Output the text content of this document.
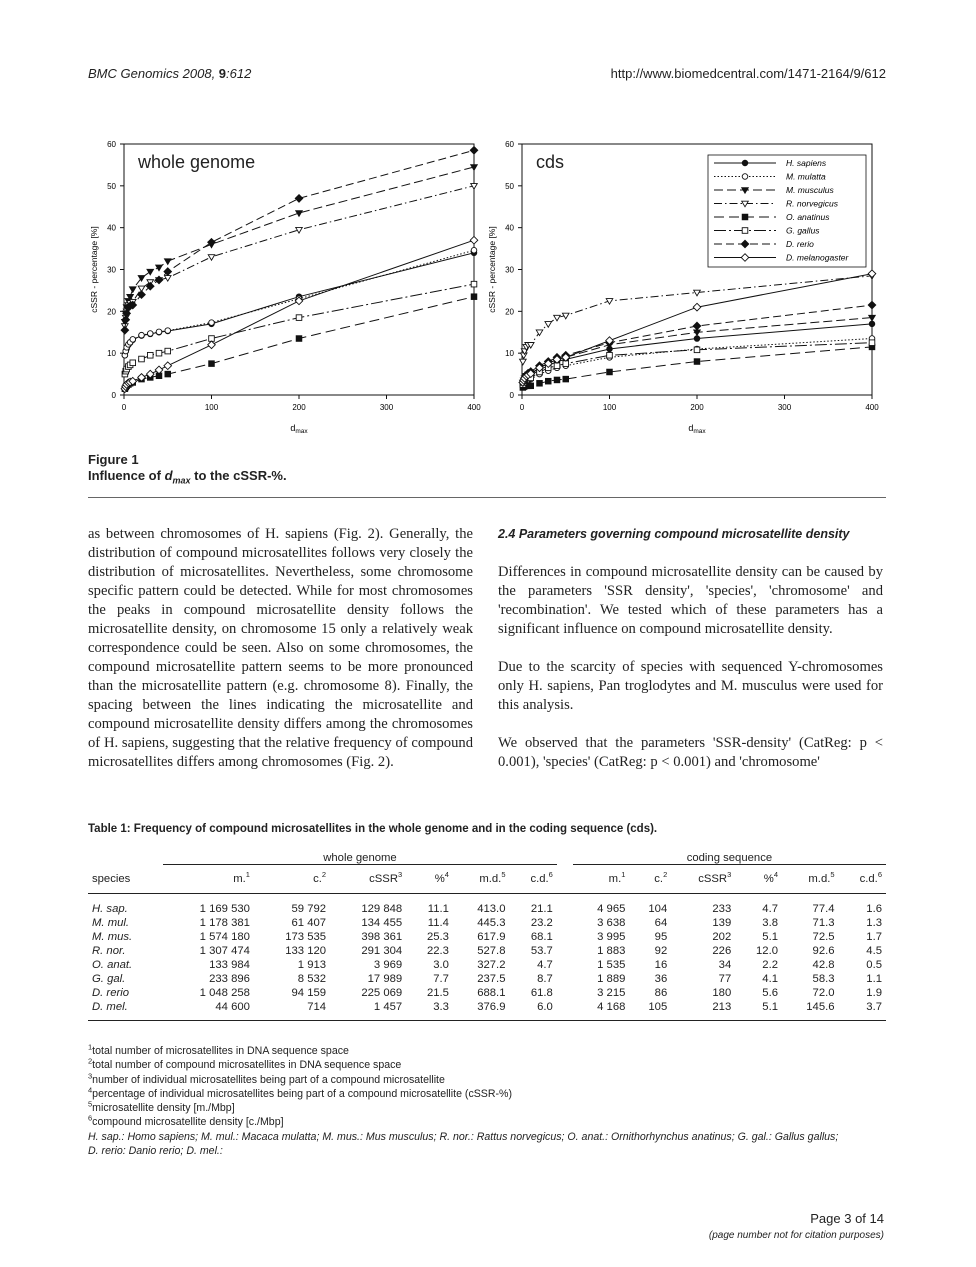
BMC Genomics 2008, 9:612	http://www.biomedcentral.com/1471-2164/9/612
0	100	200	300	400
0
10
20
30
40
50
60
$d_{max}$
cSSR - percentage [%]
whole genome
0	100	200	300	400
0
10
20
30
40
50
60
$d_{max}$
cSSR - percentage [%]
cds	H. sapiens
M. mulatta
M. musculus
R. norvegicus
O. anatinus
G. gallus
D. rerio
D. melanogaster
Figure 1
Influence of $d_{max}$ to the cSSR-%.

as between chromosomes of H. sapiens (Fig. 2). Generally, the distribution of compound microsatellites follows very closely the distribution of microsatellites. Nevertheless, some chromosome specific pattern could be detected. While for most chromosomes the peaks in compound microsatellite density follows the microsatellite density, on chromosome 15 only a relatively weak correspondence could be seen. Also on some chromosomes, the compound microsatellite pattern seems to be more pronounced than the microsatellite pattern (e.g. chromosome 8). Finally, the spacing between the lines indicating the microsatellite and compound microsatellite density differs among the chromosomes of H. sapiens, suggesting that the relative frequency of compound microsatellites differs among chromosomes (Fig. 2).

2.4 Parameters governing compound microsatellite density

Differences in compound microsatellite density can be caused by the parameters 'SSR density', 'species', 'chromosome' and 'recombination'. We tested which of these parameters has a significant influence on compound microsatellite density.

Due to the scarcity of species with sequenced Y-chromosomes only H. sapiens, Pan troglodytes and M. musculus were used for this analysis.

We observed that the parameters 'SSR-density' (CatReg: p < 0.001), 'species' (CatReg: p < 0.001) and 'chromosome'

Table 1: Frequency of compound microsatellites in the whole genome and in the coding sequence (cds).
	whole genome							coding sequence					
species	m.$^1$	c.$^2$	cSSR$^3$	%$^4$	m.d.$^5$	c.d.$^6$		m.$^1$	c.$^2$	cSSR$^3$	%$^4$	m.d.$^5$	c.d.$^6$
H. sap.	1 169 530	59 792	129 848	11.1	413.0	21.1		4 965	104	233	4.7	77.4	1.6
M. mul.	1 178 381	61 407	134 455	11.4	445.3	23.2		3 638	64	139	3.8	71.3	1.3
M. mus.	1 574 180	173 535	398 361	25.3	617.9	68.1		3 995	95	202	5.1	72.5	1.7
R. nor.	1 307 474	133 120	291 304	22.3	527.8	53.7		1 883	92	226	12.0	92.6	4.5
O. anat.	133 984	1 913	3 969	3.0	327.2	4.7		1 535	16	34	2.2	42.8	0.5
G. gal.	233 896	8 532	17 989	7.7	237.5	8.7		1 889	36	77	4.1	58.3	1.1
D. rerio	1 048 258	94 159	225 069	21.5	688.1	61.8		3 215	86	180	5.6	72.0	1.9
D. mel.	44 600	714	1 457	3.3	376.9	6.0		4 168	105	213	5.1	145.6	3.7
$^1$total number of microsatellites in DNA sequence space
$^2$total number of compound microsatellites in DNA sequence space
$^3$number of individual microsatellites being part of a compound microsatellite
$^4$percentage of individual microsatellites being part of a compound microsatellite (cSSR-%)
$^5$microsatellite density [m./Mbp]
$^6$compound microsatellite density [c./Mbp]
H. sap.: Homo sapiens; M. mul.: Macaca mulatta; M. mus.: Mus musculus; R. nor.: Rattus norvegicus; O. anat.: Ornithorhynchus anatinus; G. gal.: Gallus gallus;
D. rerio: Danio rerio; D. mel.:
Page 3 of 14
(page number not for citation purposes)
